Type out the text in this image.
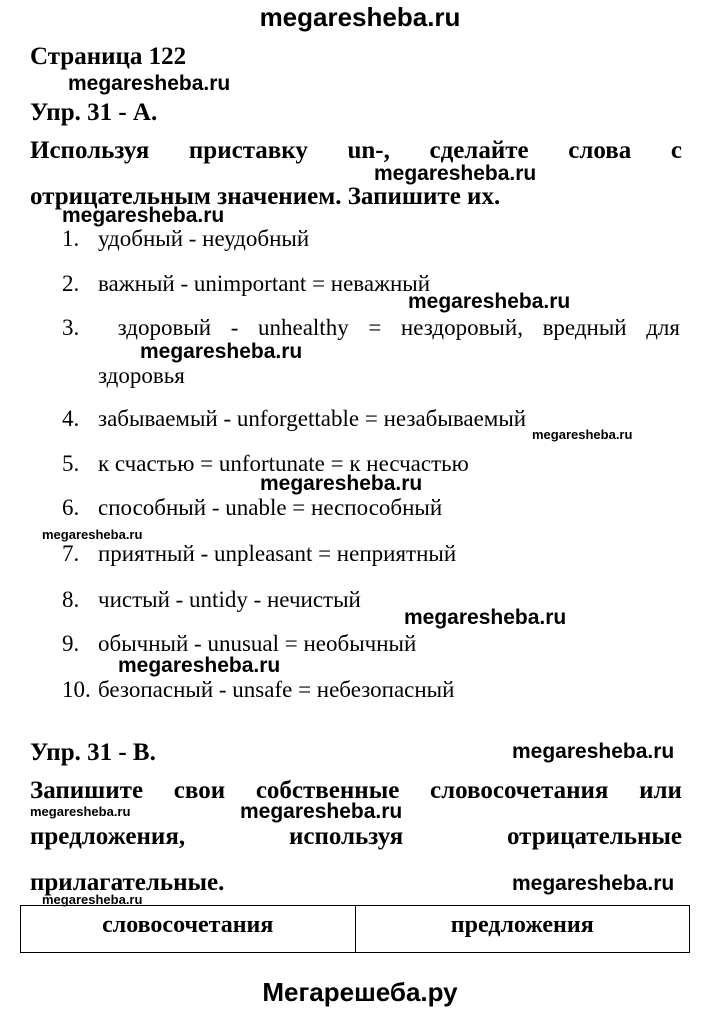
megaresheba.ru
Страница 122
megaresheba.ru
Упр. 31 - А.
Используя приставку un-, сделайте слова с
megaresheba.ru
отрицательным значением. Запишите их.
megaresheba.ru
1. удобный - неудобный
2. важный - unimportant = неважный
megaresheba.ru
3.	здоровый - unhealthy = нездоровый, вредный для
здоровья
megaresheba.ru
4. забываемый - unforgettable = незабываемый
megaresheba.ru
5. к счастью = unfortunate = к несчастью
megaresheba.ru
6. способный - unable = неспособный
megaresheba.ru
7. приятный - unpleasant = неприятный
8. чистый - untidy - нечистый
megaresheba.ru
9. обычный - unusual = необычный
megaresheba.ru
10. безопасный - unsafe = небезопасный
Упр. 31 - В.	megaresheba.ru
Запишите свои собственные словосочетания или
megaresheba.ru	megaresheba.ru
предложения,	используя	отрицательные
прилагательные.	megaresheba.ru
megaresheba.ru
словосочетания	предложения
Мегарешеба.ру
